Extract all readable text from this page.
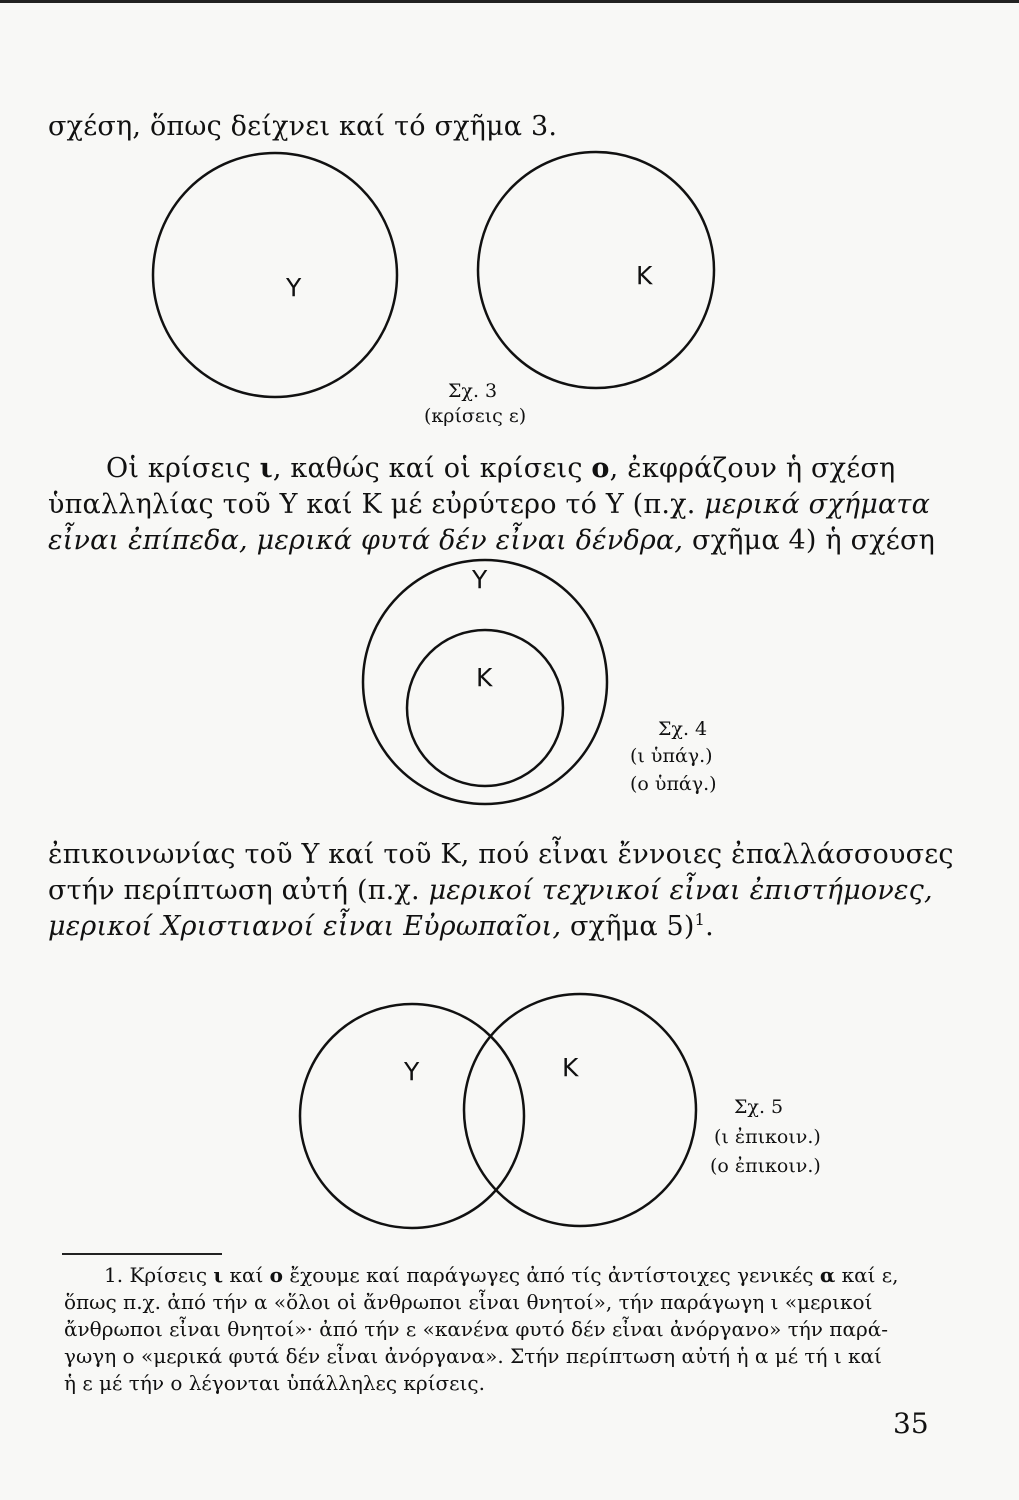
σχέση, ὅπως δείχνει καί τό σχῆμα 3.
Υ	Κ
Σχ. 3
(κρίσεις ε)
Οἱ κρίσεις ι, καθώς καί οἱ κρίσεις ο, ἐκφράζουν ἡ σχέση
ὑπαλληλίας τοῦ Υ καί Κ μέ εὐρύτερο τό Υ (π.χ. μερικά σχήματα
εἶναι ἐπίπεδα, μερικά φυτά δέν εἶναι δένδρα, σχῆμα 4) ἡ σχέση
Υ
Κ
Σχ. 4
(ι ὑπάγ.)
(ο ὑπάγ.)
ἐπικοινωνίας τοῦ Υ καί τοῦ Κ, πού εἶναι ἔννοιες ἐπαλλάσσουσες
στήν περίπτωση αὐτή (π.χ. μερικοί τεχνικοί εἶναι ἐπιστήμονες,
μερικοί Χριστιανοί εἶναι Εὐρωπαῖοι, σχῆμα 5)$^1$.
Υ	Κ
Σχ. 5
(ι ἐπικοιν.)
(ο ἐπικοιν.)
1. Κρίσεις ι καί ο ἔχουμε καί παράγωγες ἀπό τίς ἀντίστοιχες γενικές α καί ε,
ὅπως π.χ. ἀπό τήν α «ὅλοι οἱ ἄνθρωποι εἶναι θνητοί», τήν παράγωγη ι «μερικοί
ἄνθρωποι εἶναι θνητοί»· ἀπό τήν ε «κανένα φυτό δέν εἶναι ἀνόργανο» τήν παρά-
γωγη ο «μερικά φυτά δέν εἶναι ἀνόργανα». Στήν περίπτωση αὐτή ἡ α μέ τή ι καί
ἡ ε μέ τήν ο λέγονται ὑπάλληλες κρίσεις.
35
